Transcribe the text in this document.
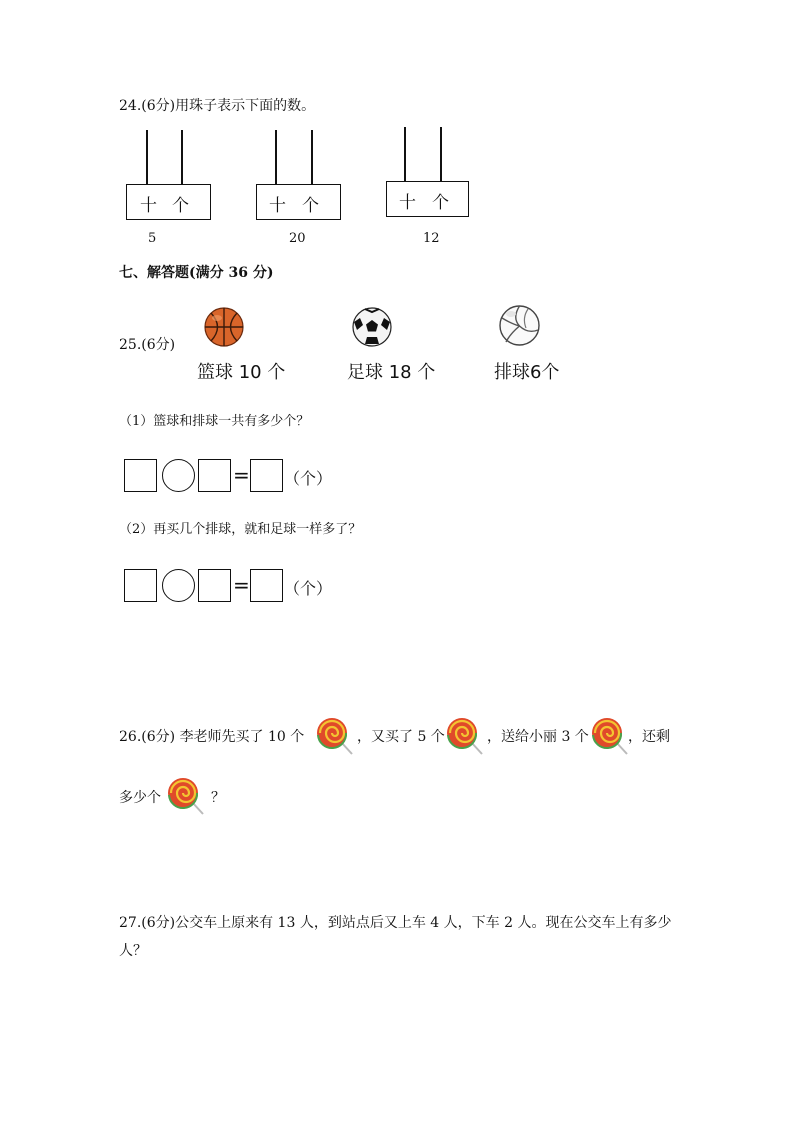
24.(6分)用珠子表示下面的数。
十 个
5
十 个
20
十 个
12
七、解答题(满分 36 分)
25.(6分)
篮球 10 个	足球 18 个	排球6个
（1）篮球和排球一共有多少个？
= （个）
（2）再买几个排球，就和足球一样多了？
= （个）
26.(6分) 李老师先买了 10 个	，又买了 5 个	，送给小丽 3 个	，还剩
多少个	？
27.(6分)公交车上原来有 13 人，到站点后又上车 4 人，下车 2 人。现在公交车上有多少
人？
